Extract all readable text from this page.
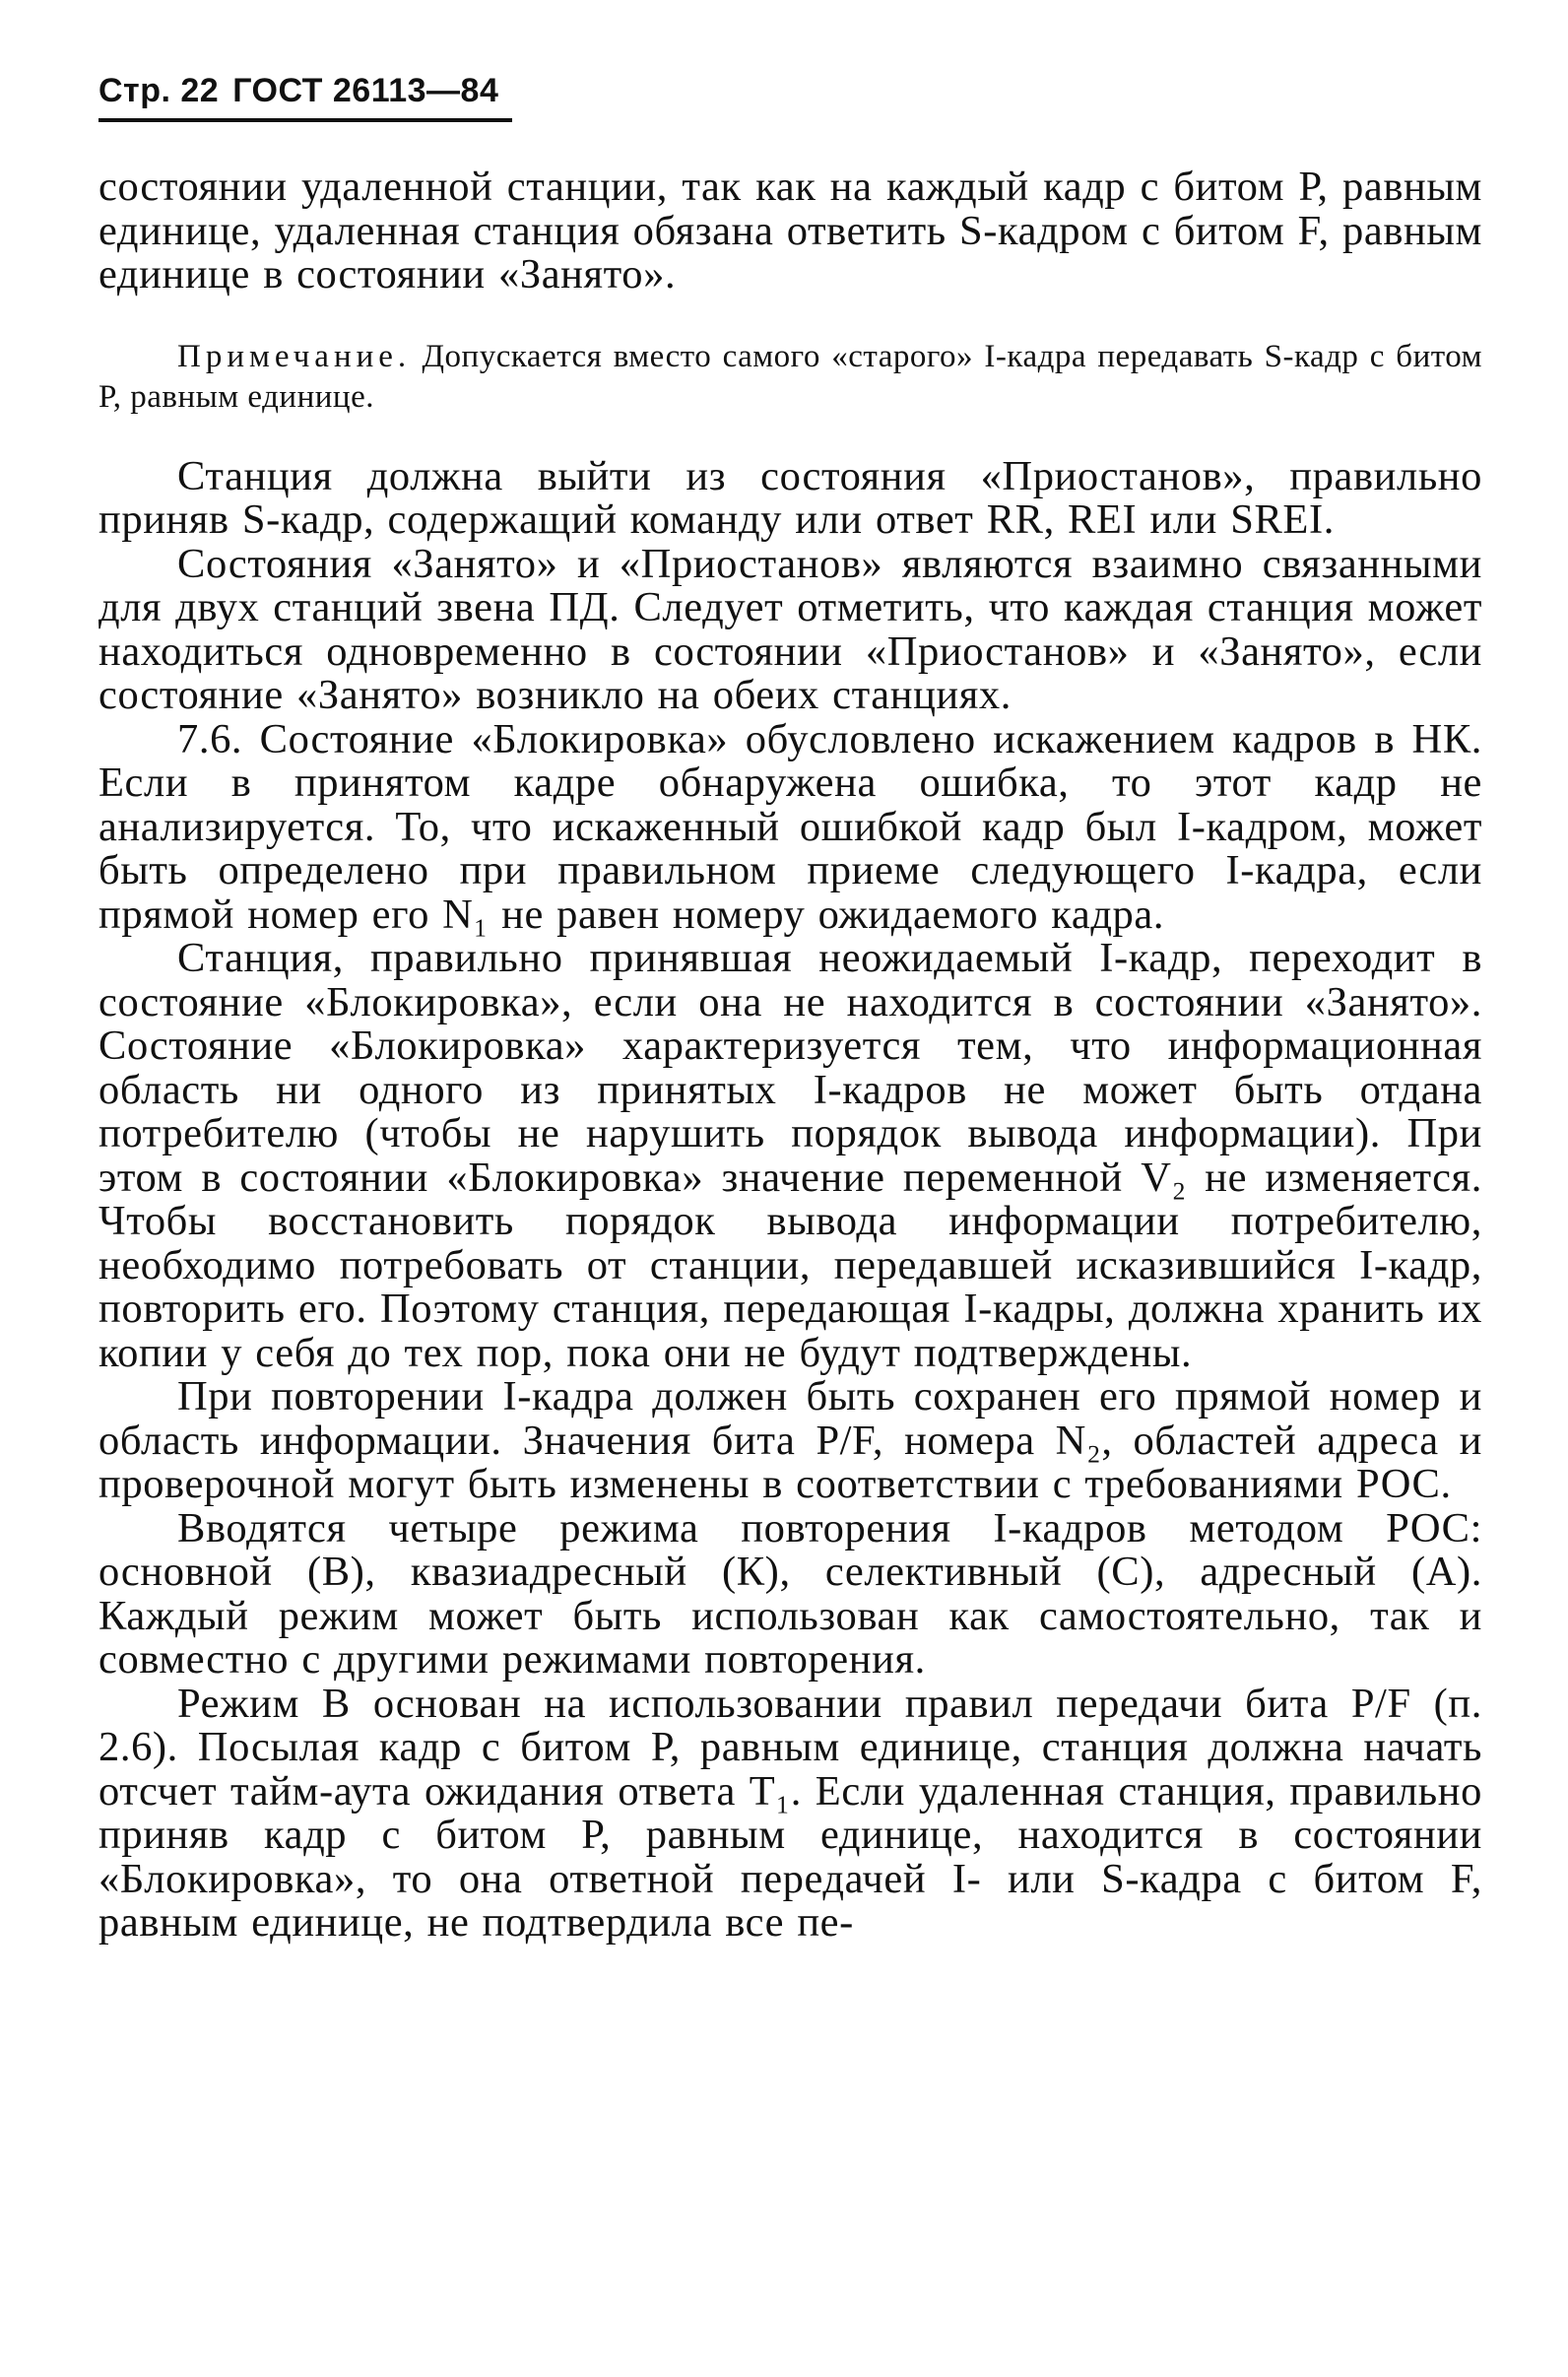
Стр. 22 ГОСТ 26113—84

состоянии удаленной станции, так как на каждый кадр с битом Р, равным единице, удаленная станция обязана ответить S-кадром с битом F, равным единице в состоянии «Занято».

Примечание. Допускается вместо самого «старого» I-кадра передавать S-кадр с битом Р, равным единице.

Станция должна выйти из состояния «Приостанов», правильно приняв S-кадр, содержащий команду или ответ RR, REI или SREI.

Состояния «Занято» и «Приостанов» являются взаимно связанными для двух станций звена ПД. Следует отметить, что каждая станция может находиться одновременно в состоянии «Приостанов» и «Занято», если состояние «Занято» возникло на обеих станциях.

7.6. Состояние «Блокировка» обусловлено искажением кадров в НК. Если в принятом кадре обнаружена ошибка, то этот кадр не анализируется. То, что искаженный ошибкой кадр был I-кадром, может быть определено при правильном приеме следующего I-кадра, если прямой номер его N₁ не равен номеру ожидаемого кадра.

Станция, правильно принявшая неожидаемый I-кадр, переходит в состояние «Блокировка», если она не находится в состоянии «Занято». Состояние «Блокировка» характеризуется тем, что информационная область ни одного из принятых I-кадров не может быть отдана потребителю (чтобы не нарушить порядок вывода информации). При этом в состоянии «Блокировка» значение переменной V₂ не изменяется. Чтобы восстановить порядок вывода информации потребителю, необходимо потребовать от станции, передавшей исказившийся I-кадр, повторить его. Поэтому станция, передающая I-кадры, должна хранить их копии у себя до тех пор, пока они не будут подтверждены.

При повторении I-кадра должен быть сохранен его прямой номер и область информации. Значения бита P/F, номера N₂, областей адреса и проверочной могут быть изменены в соответствии с требованиями РОС.

Вводятся четыре режима повторения I-кадров методом РОС: основной (В), квазиадресный (К), селективный (С), адресный (А). Каждый режим может быть использован как самостоятельно, так и совместно с другими режимами повторения.

Режим В основан на использовании правил передачи бита P/F (п. 2.6). Посылая кадр с битом Р, равным единице, станция должна начать отсчет тайм-аута ожидания ответа T₁. Если удаленная станция, правильно приняв кадр с битом Р, равным единице, находится в состоянии «Блокировка», то она ответной передачей I- или S-кадра с битом F, равным единице, не подтвердила все пе-
